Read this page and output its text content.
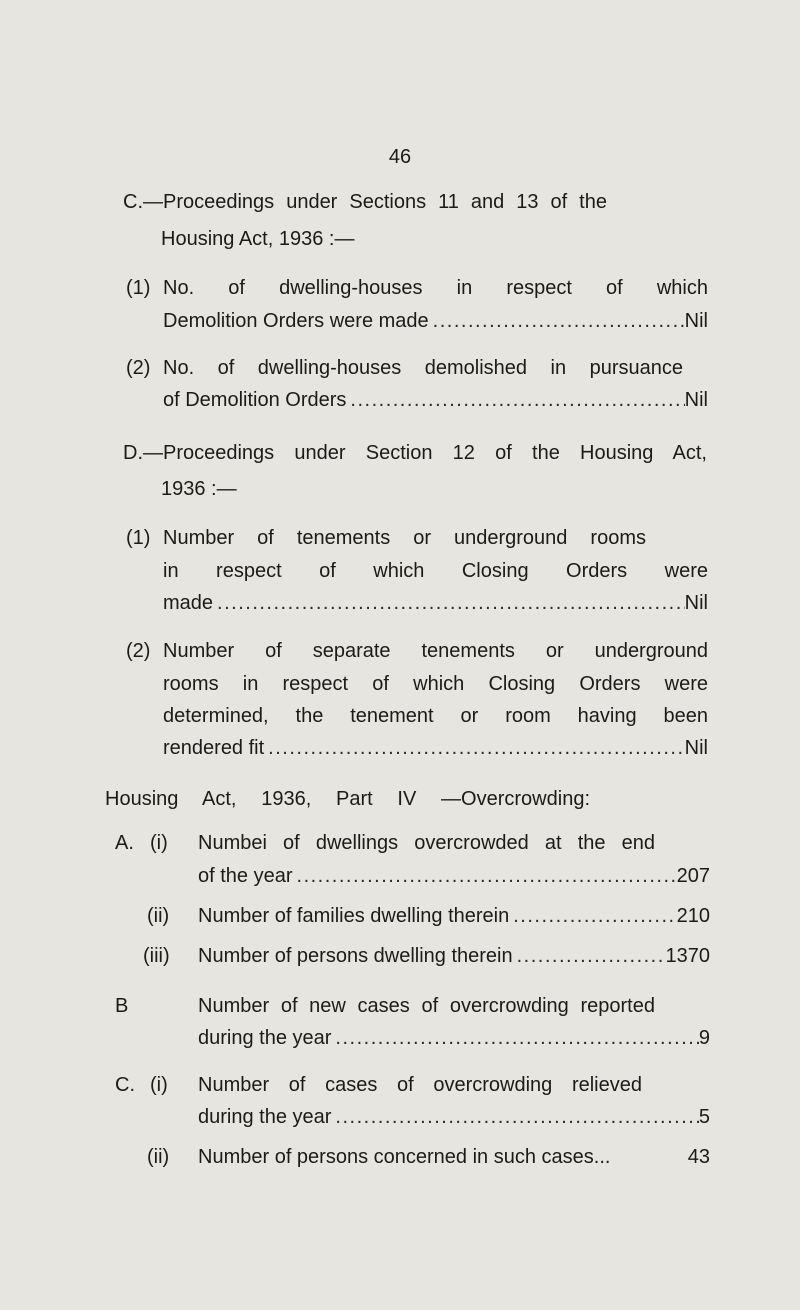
46
C.—Proceedings under Sections 11 and 13 of the
Housing Act, 1936 :—
(1) No. of dwelling-houses in respect of which
Demolition Orders were made .....	Nil
(2) No. of dwelling-houses demolished in pursuance
of Demolition Orders .....	Nil
D.—Proceedings under Section 12 of the Housing Act,
1936 :—
(1) Number of tenements or underground rooms
in respect of which Closing Orders were
made .....	Nil
(2) Number of separate tenements or underground
rooms in respect of which Closing Orders were
determined, the tenement or room having been
rendered fit .....	Nil
Housing Act, 1936, Part IV —Overcrowding:
A. (i) Numbei of dwellings overcrowded at the end
of the year .....	207
(ii) Number of families dwelling therein .....	210
(iii) Number of persons dwelling therein .....	1370
B	Number of new cases of overcrowding reported
during the year .....	9
C. (i) Number of cases of overcrowding relieved
during the year .....	5
(ii) Number of persons concerned in such cases...	43
